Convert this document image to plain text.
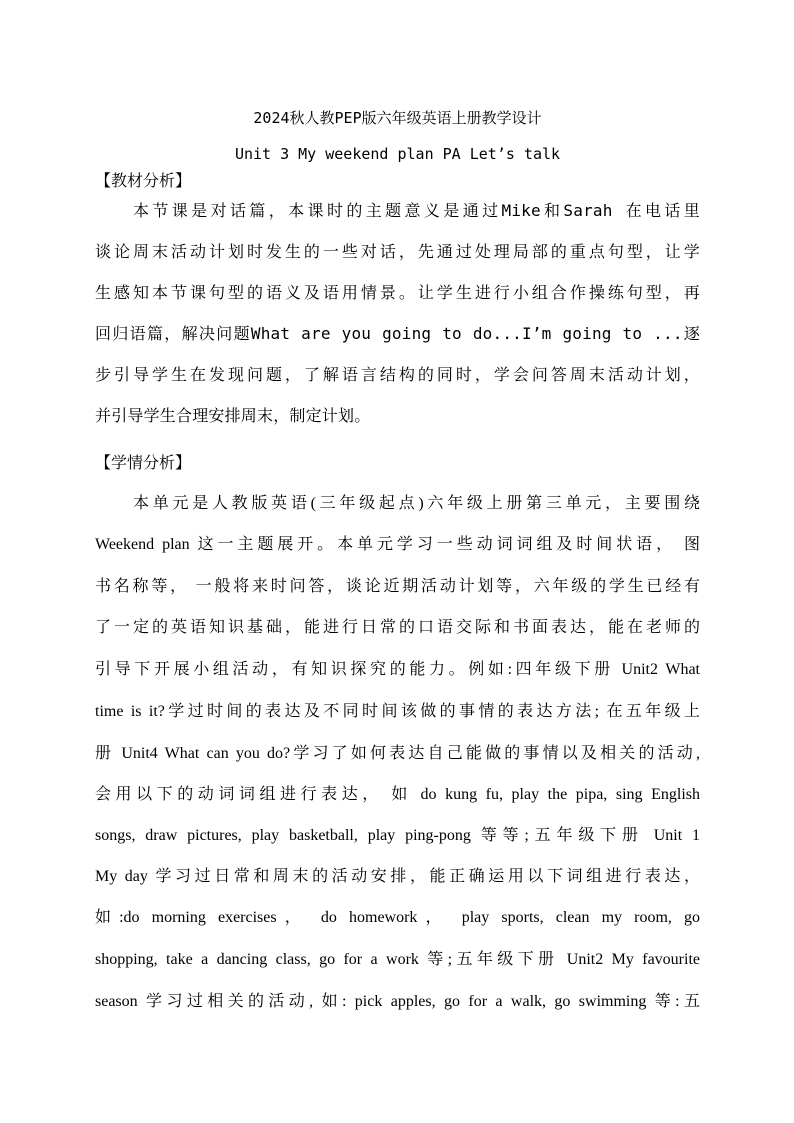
2024秋人教PEP版六年级英语上册教学设计
Unit 3 My weekend plan PA Let’s talk
【教材分析】
本节课是对话篇，本课时的主题意义是通过Mike和Sarah 在电话里
谈论周末活动计划时发生的一些对话，先通过处理局部的重点句型，让学
生感知本节课句型的语义及语用情景。让学生进行小组合作操练句型，再
回归语篇，解决问题What are you going to do...I’m going to ...逐
步引导学生在发现问题，了解语言结构的同时，学会问答周末活动计划，
并引导学生合理安排周末，制定计划。
【学情分析】
本单元是人教版英语(三年级起点)六年级上册第三单元，主要围绕
Weekend plan 这一主题展开。本单元学习一些动词词组及时间状语， 图
书名称等， 一般将来时问答，谈论近期活动计划等，六年级的学生已经有
了一定的英语知识基础，能进行日常的口语交际和书面表达，能在老师的
引导下开展小组活动，有知识探究的能力。例如:四年级下册 Unit2 What
time is it?学过时间的表达及不同时间该做的事情的表达方法; 在五年级上
册 Unit4 What can you do?学习了如何表达自己能做的事情以及相关的活动,
会用以下的动词词组进行表达， 如 do kung fu, play the pipa, sing English
songs, draw pictures, play basketball, play ping-pong 等等;五年级下册 Unit 1
My day 学习过日常和周末的活动安排，能正确运用以下词组进行表达，
如:do morning exercises， do homework， play sports, clean my room, go
shopping, take a dancing class, go for a work 等;五年级下册 Unit2 My favourite
season 学习过相关的活动, 如: pick apples, go for a walk, go swimming 等:五
